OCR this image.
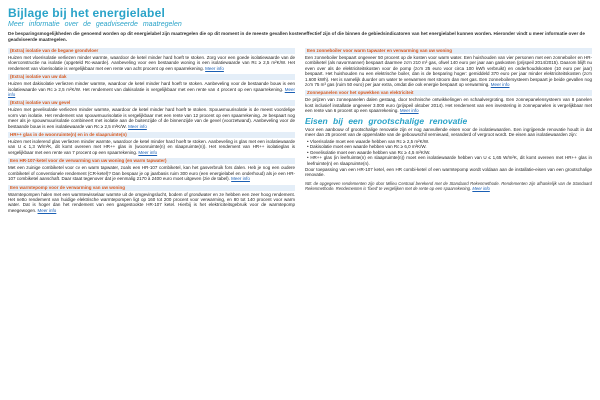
Bijlage bij het energielabel
Meer informatie over de geadviseerde maatregelen
De besparingsmogelijkheden die genoemd worden op dit energielabel zijn maatregelen die op dit moment in de meeste gevallen kosteneffectief zijn of die binnen de gebiedsindicatoren van het energielabel kunnen worden. Hieronder vindt u meer informatie over de geadviseerde maatregelen.
(Extra) isolatie van de begane grondvloer
Huizen met vloerisolatie verliezen minder warmte, waardoor de ketel minder hard hoeft te stoken. Zorg voor een goede isolatiewaarde van de vloerconstructie na isolatie (opgeteld Rc-waarde). Aanbeveling voor een bestaande woning is een isolatiewaarde van Rc ≥ 2,5 m²K/W. Het rendement van vloerisolatie is vergelijkbaar met een rente van acht procent op een spaarrekening. Meer info
(Extra) isolatie van uw dak
Huizen met dakisolatie verliezen minder warmte, waardoor de ketel minder hard hoeft te stoken. Aanbeveling voor de bestaande bouw is een isolatiewaarde van Rc ≥ 2,5 m²K/W. Het rendement van dakisolatie is vergelijkbaar met een rente van 4 procent op een spaarrekening. Meer info
(Extra) isolatie van uw gevel
Huizen met gevelisolatie verliezen minder warmte, waardoor de ketel minder hard hoeft te stoken. Spouwmuurisolatie is de meest voordelige vorm van isolatie. Het rendement van spouwmuurisolatie is vergelijkbaar met een rente van 12 procent op een spaarrekening. Je bespaart nog meer als je spouwmuurisolatie combineert met isolatie aan de buitenzijde of de binnenzijde van de gevel (voorzetwand). Aanbeveling voor de bestaande bouw is een isolatiewaarde van Rc ≥ 2,5 m²K/W. Meer info
HR++ glas in de woonruimte(n) en in de slaapruimte(n)
Huizen met isolerend glas verliezen minder warmte, waardoor de ketel minder hard hoeft te stoken. Aanbeveling is glas met een isolatiewaarde van U ≤ 1,3 W/m²K, dit komt overeen met HR++ glas in (woonruimte(n) en slaapruimte(n)). Het rendement van HR++ isolatieglas is vergelijkbaar met een rente van 7 procent op een spaarrekening. Meer info
Een HR-107-ketel voor de verwarming van uw woning (en warm tapwater)
Met een zuinige combiketel voor cv en warm tapwater, zoals een HR-107 combiketel, kan het gasverbruik fors dalen. Heb je nog een oudere combiketel of conventionele rendement (CR-ketel)? Dan bespaar je op jaarbasis ruim 300 euro (een energielabel en onderhoud) als je een HR-107 combiketel aanschaft. Daar staat tegenover dat je eenmalig 2170 à 2400 euro moet uitgeven (zie de tabel). Meer info
Een warmtepomp voor de verwarming van uw woning
Warmtepompen halen met een warmtewisselaar warmte uit de omgevingslucht, bodem of grondwater en ze hebben een zeer hoog rendement. Het netto rendement van huidige elektrische warmtepompen ligt op 160 tot 200 procent voor verwarming, en 80 tot 140 procent voor warm water. Dat is hoger dan het rendement van een gasgestookte HR-107 ketel. Hierbij is het elektriciteitsgebruik voor de warmtepomp meegewogen. Meer info
Een zonneboiler voor warm tapwater en verwarming van uw woning
Een zonneboiler bespaart ongeveer 50 procent op de kosten voor warm water. Een huishouden van vier personen met een zonneboiler en HR-combiketel (als navormanner) bespaart daarmee zo'n 210 m³ gas, ofwel 140 euro per jaar aan gaskosten (prijspeil 2014/2015). Daarom blijft nu even over als de elektriciteitskosten voor de pomp (zo'n 25 euro voor circa 100 kWh verbruikt) en onderhoudskosten (10 euro per jaar) bespaart. Het huishouden nu een elektrische boiler, dan is de besparing hoger: gemiddeld 370 euro per jaar minder elektriciteitskosten (zo'n 1.600 kWh). Het is namelijk duurder om water te verwarmen met stroom dan met gas. Een zonneboilersysteem bespaart je beide gevallen nog zo'n 75 m³ gas (ruim 50 euro) per jaar extra, omdat die ook energie bespaart op verwarming. Meer info
Zonnepanelen voor het opwekken van elektriciteit
De prijzen van zonnepanelen dalen gestaag, door technische ontwikkelingen en schaalvergroting. Een zonnepanelensysteem van 8 panelen kost inclusief installatie ongeveer 3.000 euro (prijspeil oktober 2014). Het rendement van een investering in zonnepanelen is vergelijkbaar met een rente van 6 procent op een spaarrekening. Meer info
Eisen bij een grootschalige renovatie
Voor een aanbouw of grootschalige renovatie zijn er nog aanvullende eisen voor de isolatiewaarden. Een ingrijpende renovatie houdt in dat meer dan 25 procent van de oppervlakte van de gebouwschil vernieuwd, veranderd of vergroot wordt. De eisen aan isolatiewaarden zijn:
• Vloerisolatie moet een waarde hebben van Rc ≥ 2,5 m²K/W.
• Dakisolatie moet een waarde hebben van Rc ≥ 6,0 m²K/W.
• Gevelisolatie moet een waarde hebben van Rc ≥ 4,5 m²K/W.
• HR++ glas (in leefruimte(n) en slaapruimte(n)) moet een isolatiewaarde hebben van U ≤ 1,65 W/m²K, dit komt overeen met HR++ glas in leefruimte(n) en slaapruimte(n).
Door toepassing van een HR-107 ketel, een HR combi-ketel of een warmtepomp wordt voldaan aan de installatie-eisen van een grootschalige renovatie.
NB: de opgegeven rendementen zijn door Milieu Centraal berekend met de Standaard Rekenmethode. Rendementen zijn afhankelijk van de Standaard Rekenmethode. Rendementen is 'fixed' te vergelijken met de rente op een spaarrekening. Meer info
